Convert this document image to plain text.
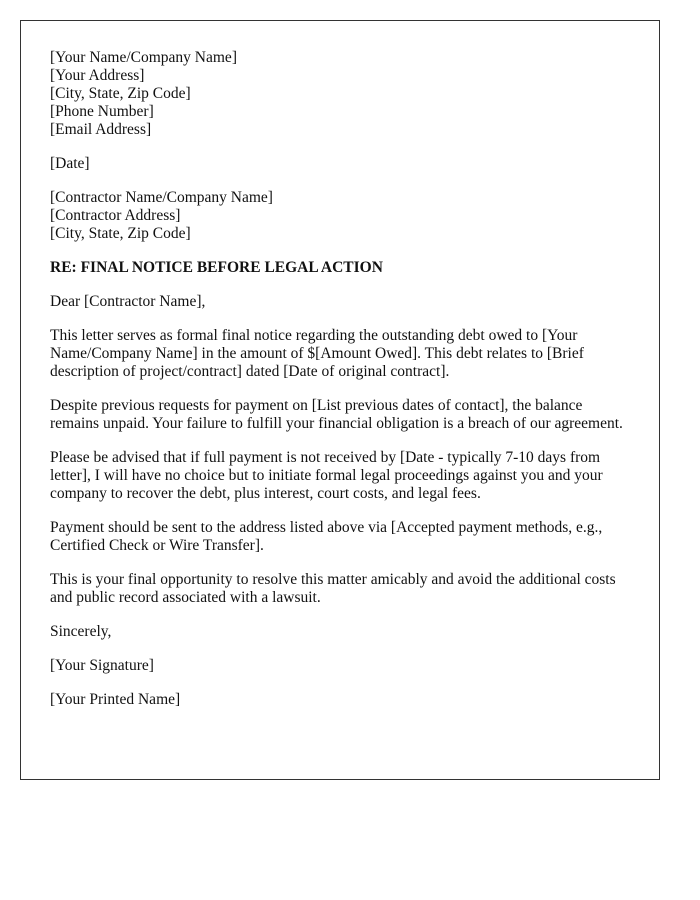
[Your Name/Company Name]
[Your Address]
[City, State, Zip Code]
[Phone Number]
[Email Address]
[Date]
[Contractor Name/Company Name]
[Contractor Address]
[City, State, Zip Code]
RE: FINAL NOTICE BEFORE LEGAL ACTION

Dear [Contractor Name],

This letter serves as formal final notice regarding the outstanding debt owed to [Your Name/Company Name] in the amount of $[Amount Owed]. This debt relates to [Brief description of project/contract] dated [Date of original contract].

Despite previous requests for payment on [List previous dates of contact], the balance remains unpaid. Your failure to fulfill your financial obligation is a breach of our agreement.

Please be advised that if full payment is not received by [Date - typically 7-10 days from letter], I will have no choice but to initiate formal legal proceedings against you and your company to recover the debt, plus interest, court costs, and legal fees.

Payment should be sent to the address listed above via [Accepted payment methods, e.g., Certified Check or Wire Transfer].

This is your final opportunity to resolve this matter amicably and avoid the additional costs and public record associated with a lawsuit.

Sincerely,

[Your Signature]

[Your Printed Name]
